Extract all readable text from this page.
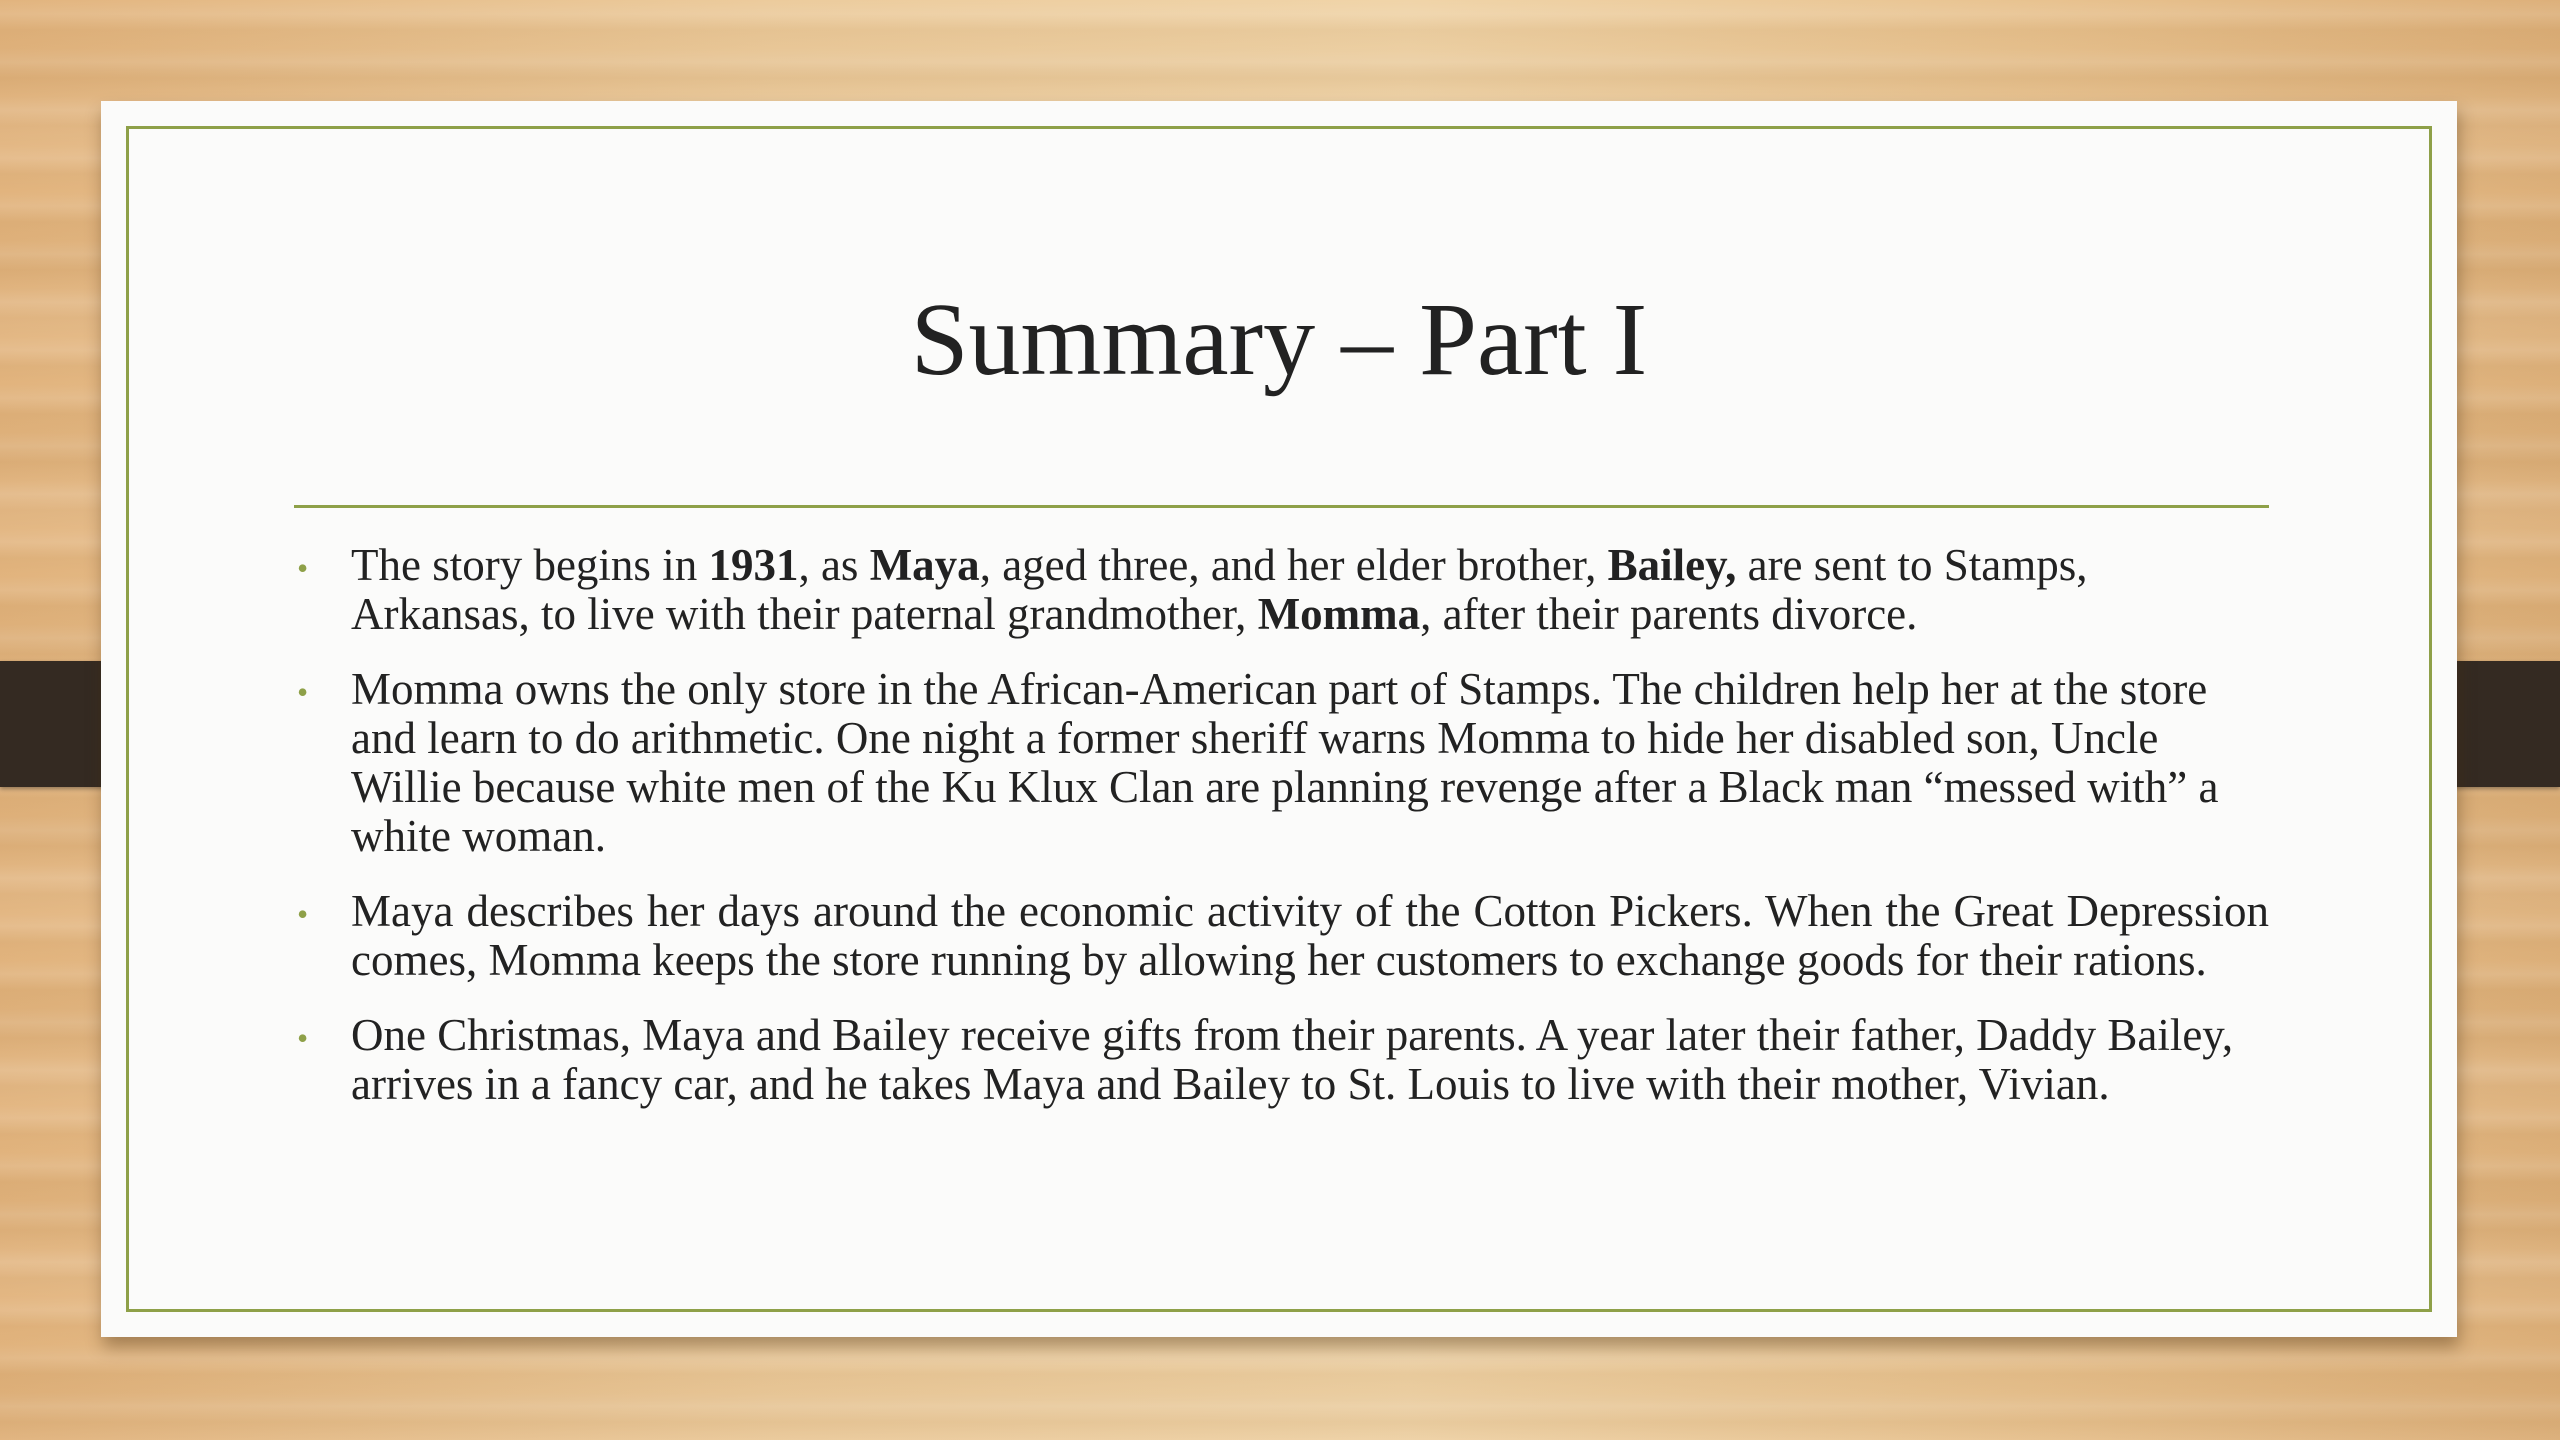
Summary – Part I
• The story begins in 1931, as Maya, aged three, and her elder brother, Bailey, are sent to Stamps, Arkansas, to live with their paternal grandmother, Momma, after their parents divorce.
• Momma owns the only store in the African-American part of Stamps. The children help her at the store and learn to do arithmetic. One night a former sheriff warns Momma to hide her disabled son, Uncle Willie because white men of the Ku Klux Clan are planning revenge after a Black man “messed with” a white woman.
• Maya describes her days around the economic activity of the Cotton Pickers. When the Great Depression comes, Momma keeps the store running by allowing her customers to exchange goods for their rations.
• One Christmas, Maya and Bailey receive gifts from their parents. A year later their father, Daddy Bailey, arrives in a fancy car, and he takes Maya and Bailey to St. Louis to live with their mother, Vivian.
